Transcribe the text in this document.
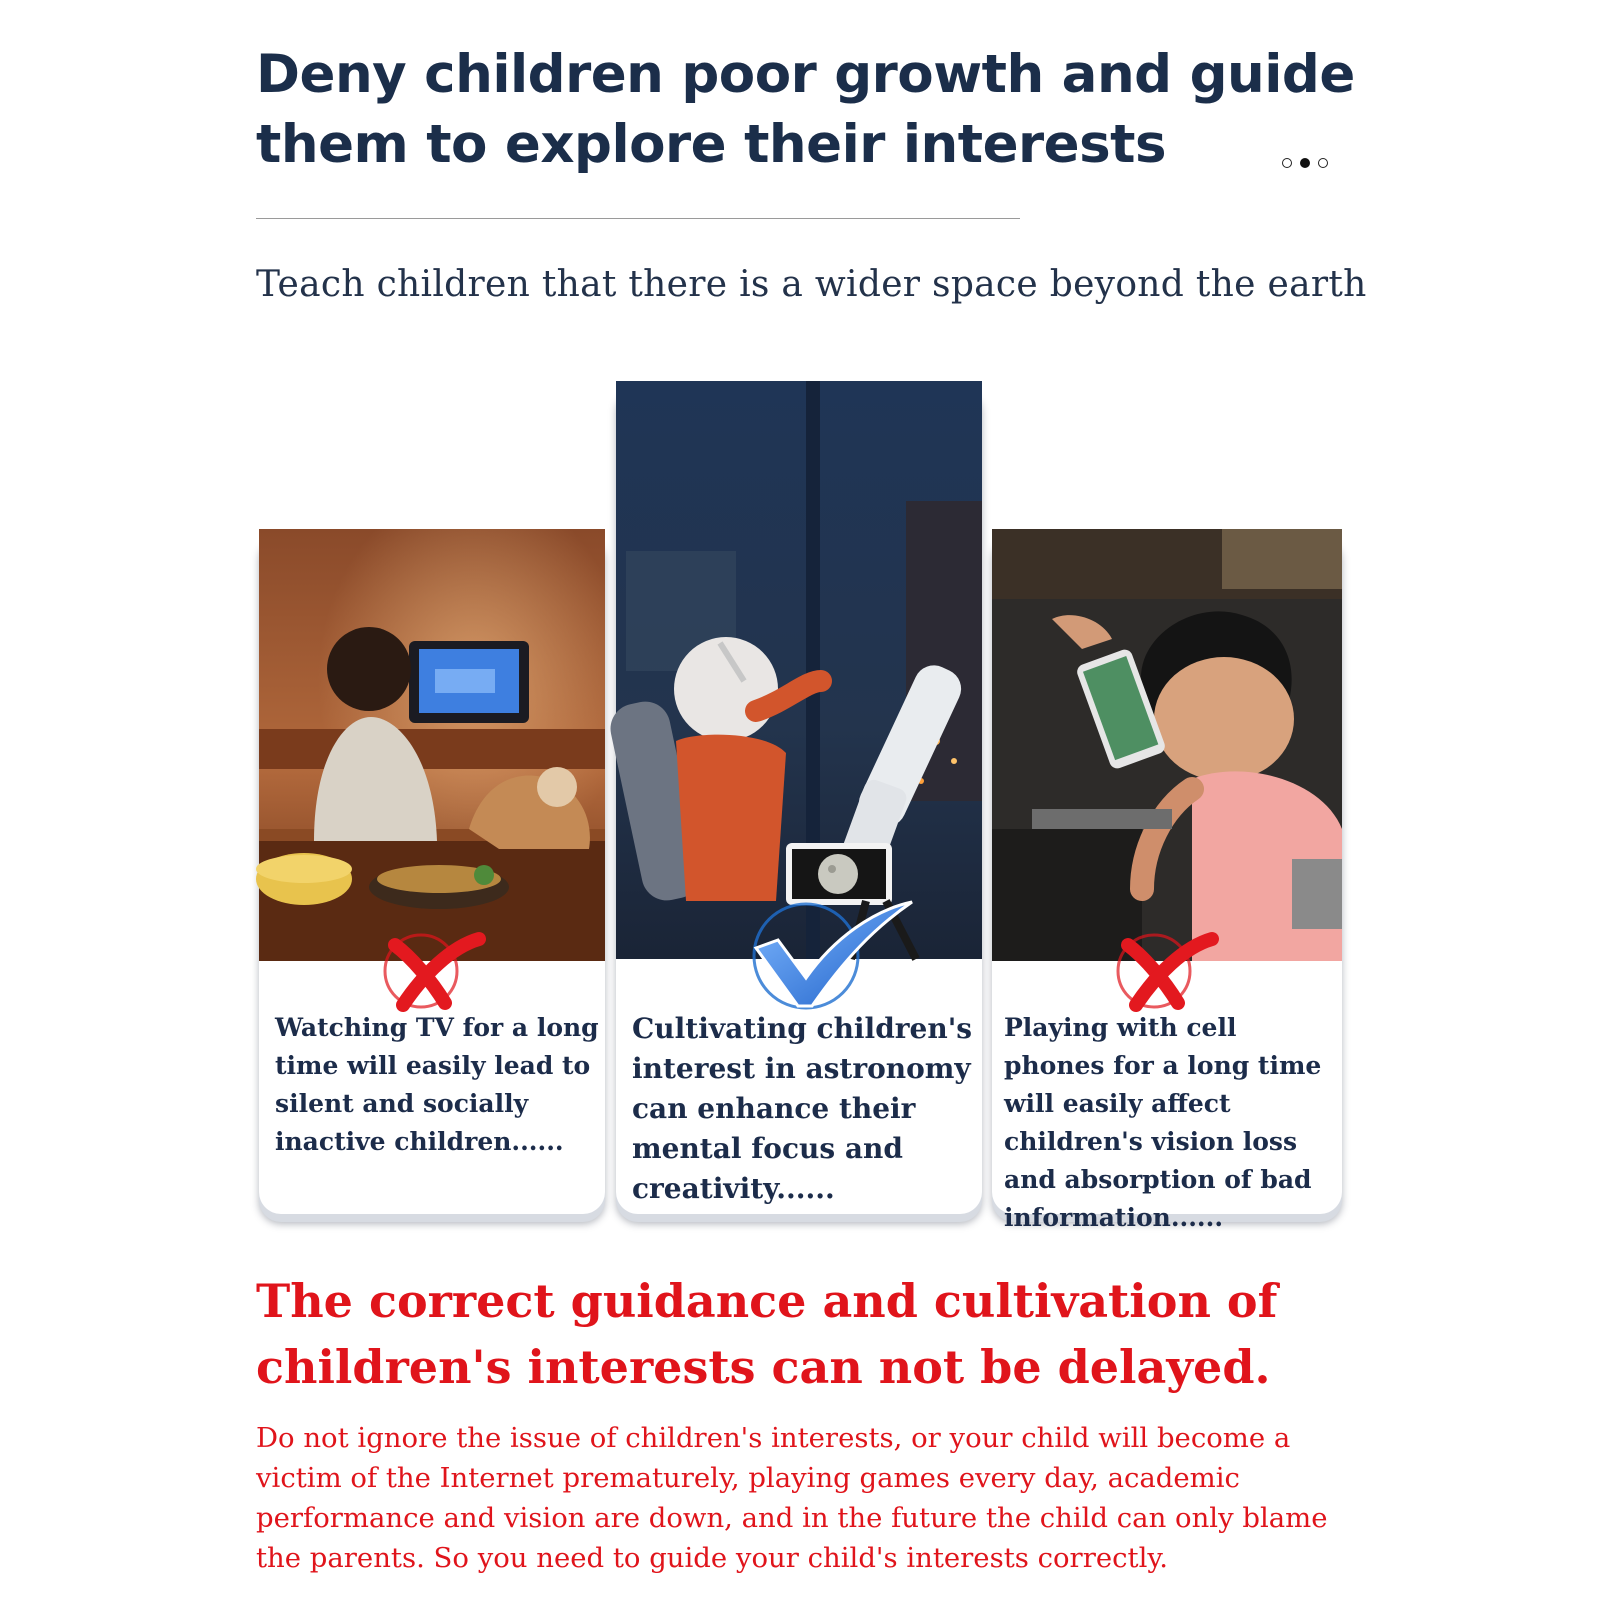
Deny children poor growth and guide them to explore their interests

Teach children that there is a wider space beyond the earth

Watching TV for a long time will easily lead to silent and socially inactive children......

Cultivating children's interest in astronomy can enhance their mental focus and creativity......

Playing with cell phones for a long time will easily affect children's vision loss and absorption of bad information......

The correct guidance and cultivation of children's interests can not be delayed.

Do not ignore the issue of children's interests, or your child will become a victim of the Internet prematurely, playing games every day, academic performance and vision are down, and in the future the child can only blame the parents. So you need to guide your child's interests correctly.
